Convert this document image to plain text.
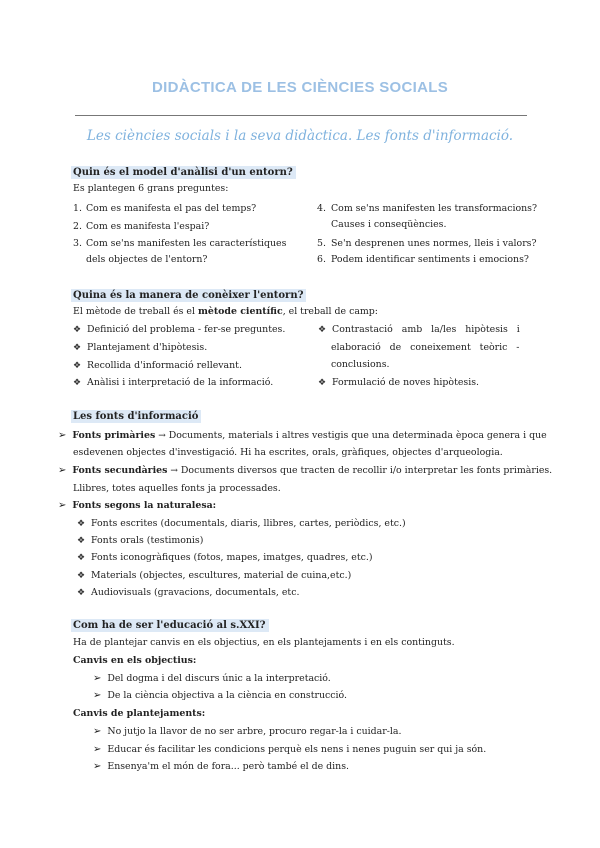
DIDÀCTICA DE LES CIÈNCIES SOCIALS
Les ciències socials i la seva didàctica. Les fonts d'informació.
Quin és el model d'anàlisi d'un entorn?
Es plantegen 6 grans preguntes:
1. Com es manifesta el pas del temps?
2. Com es manifesta l'espai?
3. Com se'ns manifesten les característiques
dels objectes de l'entorn?
4. Com se'ns manifesten les transformacions?
Causes i conseqüències.
5. Se'n desprenen unes normes, lleis i valors?
6. Podem identificar sentiments i emocions?
Quina és la manera de conèixer l'entorn?
El mètode de treball és el mètode científic, el treball de camp:
❖ Definició del problema - fer-se preguntes.
❖ Plantejament d'hipòtesis.
❖ Recollida d'informació rellevant.
❖ Anàlisi i interpretació de la informació.
❖ Contrastació   amb   la/les   hipòtesis   i
elaboració   de   coneixement   teòric   -
conclusions.
❖ Formulació de noves hipòtesis.
Les fonts d'informació
➢ Fonts primàries → Documents, materials i altres vestigis que una determinada època genera i que
esdevenen objectes d'investigació. Hi ha escrites, orals, gràfiques, objectes d'arqueologia.
➢ Fonts secundàries → Documents diversos que tracten de recollir i/o interpretar les fonts primàries.
Llibres, totes aquelles fonts ja processades.
➢ Fonts segons la naturalesa:
❖ Fonts escrites (documentals, diaris, llibres, cartes, periòdics, etc.)
❖ Fonts orals (testimonis)
❖ Fonts iconogràfiques (fotos, mapes, imatges, quadres, etc.)
❖ Materials (objectes, escultures, material de cuina,etc.)
❖ Audiovisuals (gravacions, documentals, etc.
Com ha de ser l'educació al s.XXI?
Ha de plantejar canvis en els objectius, en els plantejaments i en els continguts.
Canvis en els objectius:
➢ Del dogma i del discurs únic a la interpretació.
➢ De la ciència objectiva a la ciència en construcció.
Canvis de plantejaments:
➢ No jutjo la llavor de no ser arbre, procuro regar-la i cuidar-la.
➢ Educar és facilitar les condicions perquè els nens i nenes puguin ser qui ja són.
➢ Ensenya'm el món de fora... però també el de dins.
